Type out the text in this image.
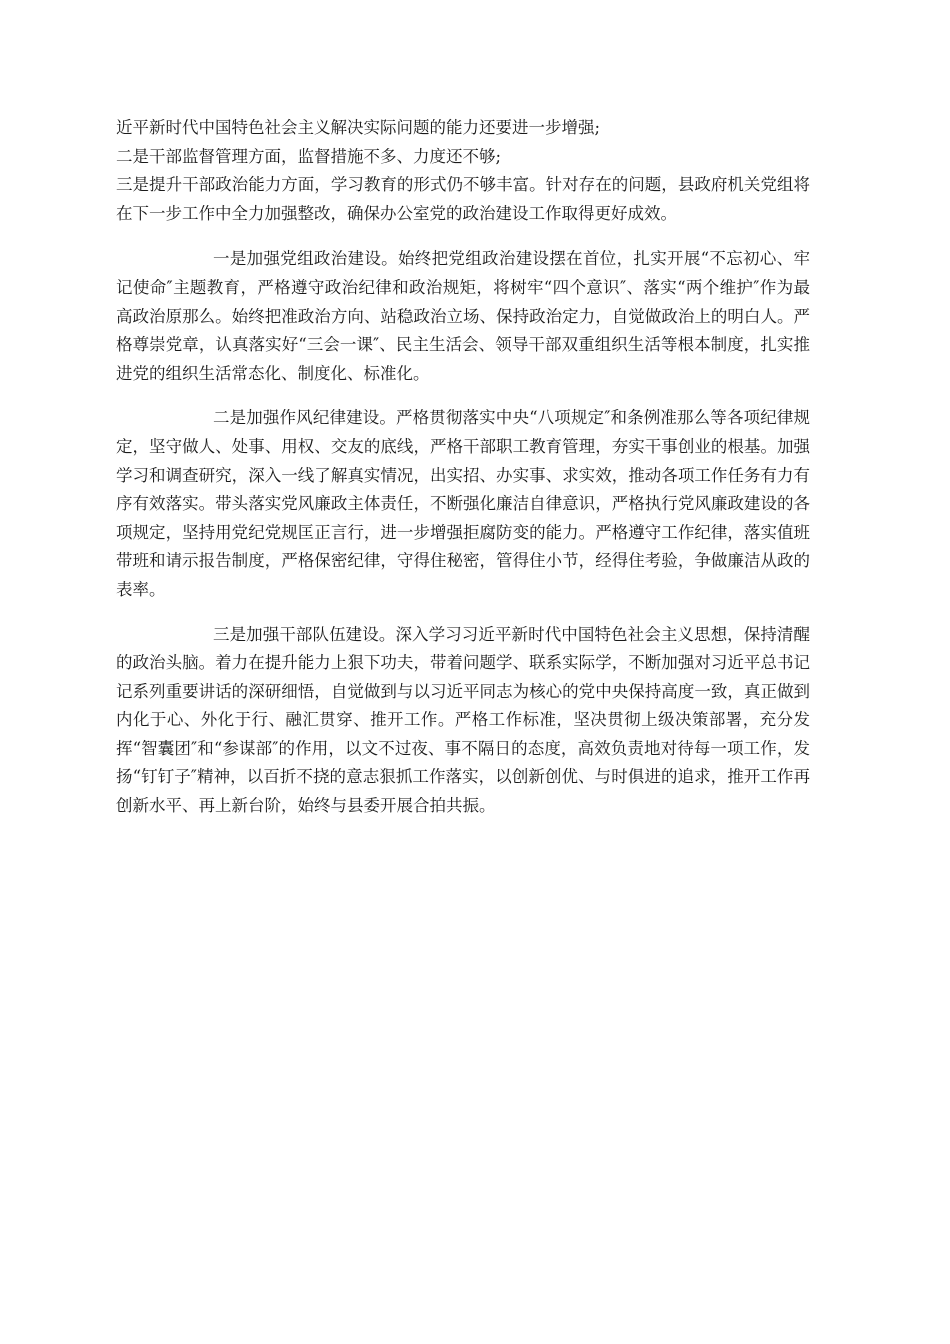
近平新时代中国特色社会主义解决实际问题的能力还要进一步增强;

二是干部监督管理方面，监督措施不多、力度还不够;

三是提升干部政治能力方面，学习教育的形式仍不够丰富。针对存在的问题，县政府机关党组将在下一步工作中全力加强整改，确保办公室党的政治建设工作取得更好成效。

一是加强党组政治建设。始终把党组政治建设摆在首位，扎实开展“不忘初心、牢记使命″主题教育，严格遵守政治纪律和政治规矩，将树牢“四个意识″、落实“两个维护″作为最高政治原那么。始终把准政治方向、站稳政治立场、保持政治定力，自觉做政治上的明白人。严格尊崇党章，认真落实好“三会一课″、民主生活会、领导干部双重组织生活等根本制度，扎实推进党的组织生活常态化、制度化、标准化。

二是加强作风纪律建设。严格贯彻落实中央“八项规定″和条例准那么等各项纪律规定，坚守做人、处事、用权、交友的底线，严格干部职工教育管理，夯实干事创业的根基。加强学习和调查研究，深入一线了解真实情况，出实招、办实事、求实效，推动各项工作任务有力有序有效落实。带头落实党风廉政主体责任，不断强化廉洁自律意识，严格执行党风廉政建设的各项规定，坚持用党纪党规匡正言行，进一步增强拒腐防变的能力。严格遵守工作纪律，落实值班带班和请示报告制度，严格保密纪律，守得住秘密，管得住小节，经得住考验，争做廉洁从政的表率。

三是加强干部队伍建设。深入学习习近平新时代中国特色社会主义思想，保持清醒的政治头脑。着力在提升能力上狠下功夫，带着问题学、联系实际学，不断加强对习近平总书记记系列重要讲话的深研细悟，自觉做到与以习近平同志为核心的党中央保持高度一致，真正做到内化于心、外化于行、融汇贯穿、推开工作。严格工作标准，坚决贯彻上级决策部署，充分发挥“智囊团″和“参谋部″的作用，以文不过夜、事不隔日的态度，高效负责地对待每一项工作，发扬“钉钉子″精神，以百折不挠的意志狠抓工作落实，以创新创优、与时俱进的追求，推开工作再创新水平、再上新台阶，始终与县委开展合拍共振。
